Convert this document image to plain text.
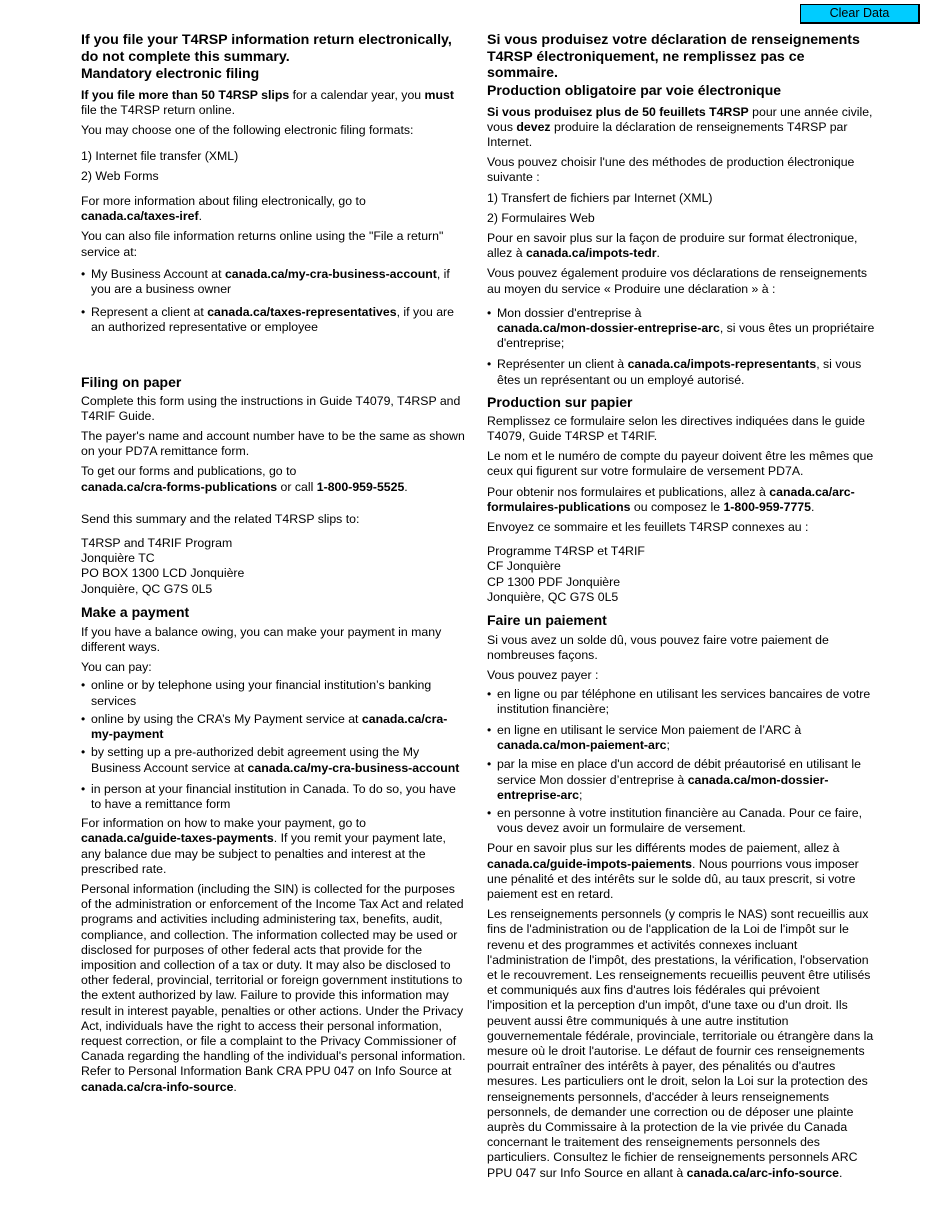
Clear Data

If you file your T4RSP information return electronically, do not complete this summary.

Mandatory electronic filing

If you file more than 50 T4RSP slips for a calendar year, you must file the T4RSP return online.

You may choose one of the following electronic filing formats:

1) Internet file transfer (XML)

2) Web Forms

For more information about filing electronically, go to
canada.ca/taxes-iref.

You can also file information returns online using the "File a return" service at:

• My Business Account at canada.ca/my-cra-business-account, if you are a business owner

• Represent a client at canada.ca/taxes-representatives, if you are an authorized representative or employee

Filing on paper

Complete this form using the instructions in Guide T4079, T4RSP and T4RIF Guide.

The payer's name and account number have to be the same as shown on your PD7A remittance form.

To get our forms and publications, go to
canada.ca/cra-forms-publications or call 1-800-959-5525.

Send this summary and the related T4RSP slips to:

T4RSP and T4RIF Program

Jonquière TC

PO BOX 1300 LCD Jonquière

Jonquière, QC G7S 0L5

Make a payment

If you have a balance owing, you can make your payment in many different ways.

You can pay:

• online or by telephone using your financial institution’s banking services

• online by using the CRA’s My Payment service at canada.ca/cra-my-payment

• by setting up a pre-authorized debit agreement using the My Business Account service at canada.ca/my-cra-business-account

• in person at your financial institution in Canada. To do so, you have to have a remittance form

For information on how to make your payment, go to canada.ca/guide-taxes-payments. If you remit your payment late, any balance due may be subject to penalties and interest at the prescribed rate.

Personal information (including the SIN) is collected for the purposes of the administration or enforcement of the Income Tax Act and related programs and activities including administering tax, benefits, audit, compliance, and collection. The information collected may be used or disclosed for purposes of other federal acts that provide for the imposition and collection of a tax or duty. It may also be disclosed to other federal, provincial, territorial or foreign government institutions to the extent authorized by law. Failure to provide this information may result in interest payable, penalties or other actions. Under the Privacy Act, individuals have the right to access their personal information, request correction, or file a complaint to the Privacy Commissioner of Canada regarding the handling of the individual's personal information. Refer to Personal Information Bank CRA PPU 047 on Info Source at canada.ca/cra-info-source.

Si vous produisez votre déclaration de renseignements T4RSP électroniquement, ne remplissez pas ce sommaire.

Production obligatoire par voie électronique

Si vous produisez plus de 50 feuillets T4RSP pour une année civile, vous devez produire la déclaration de renseignements T4RSP par Internet.

Vous pouvez choisir l'une des méthodes de production électronique suivante :

1) Transfert de fichiers par Internet (XML)

2) Formulaires Web

Pour en savoir plus sur la façon de produire sur format électronique, allez à canada.ca/impots-tedr.

Vous pouvez également produire vos déclarations de renseignements au moyen du service « Produire une déclaration » à :

• Mon dossier d'entreprise à
canada.ca/mon-dossier-entreprise-arc, si vous êtes un propriétaire d'entreprise;

• Représenter un client à canada.ca/impots-representants, si vous êtes un représentant ou un employé autorisé.

Production sur papier

Remplissez ce formulaire selon les directives indiquées dans le guide T4079, Guide T4RSP et T4RIF.

Le nom et le numéro de compte du payeur doivent être les mêmes que ceux qui figurent sur votre formulaire de versement PD7A.

Pour obtenir nos formulaires et publications, allez à canada.ca/arc-formulaires-publications ou composez le 1-800-959-7775.

Envoyez ce sommaire et les feuillets T4RSP connexes au :

Programme T4RSP et T4RIF

CF Jonquière

CP 1300 PDF Jonquière

Jonquière, QC G7S 0L5

Faire un paiement

Si vous avez un solde dû, vous pouvez faire votre paiement de nombreuses façons.

Vous pouvez payer :

• en ligne ou par téléphone en utilisant les services bancaires de votre institution financière;

• en ligne en utilisant le service Mon paiement de l’ARC à canada.ca/mon-paiement-arc;

• par la mise en place d'un accord de débit préautorisé en utilisant le service Mon dossier d’entreprise à canada.ca/mon-dossier-entreprise-arc;

• en personne à votre institution financière au Canada. Pour ce faire, vous devez avoir un formulaire de versement.

Pour en savoir plus sur les différents modes de paiement, allez à canada.ca/guide-impots-paiements. Nous pourrions vous imposer une pénalité et des intérêts sur le solde dû, au taux prescrit, si votre paiement est en retard.

Les renseignements personnels (y compris le NAS) sont recueillis aux fins de l'administration ou de l'application de la Loi de l'impôt sur le revenu et des programmes et activités connexes incluant l'administration de l'impôt, des prestations, la vérification, l'observation et le recouvrement. Les renseignements recueillis peuvent être utilisés et communiqués aux fins d'autres lois fédérales qui prévoient l'imposition et la perception d'un impôt, d'une taxe ou d'un droit. Ils peuvent aussi être communiqués à une autre institution gouvernementale fédérale, provinciale, territoriale ou étrangère dans la mesure où le droit l'autorise. Le défaut de fournir ces renseignements pourrait entraîner des intérêts à payer, des pénalités ou d'autres mesures. Les particuliers ont le droit, selon la Loi sur la protection des renseignements personnels, d'accéder à leurs renseignements personnels, de demander une correction ou de déposer une plainte auprès du Commissaire à la protection de la vie privée du Canada concernant le traitement des renseignements personnels des particuliers. Consultez le fichier de renseignements personnels ARC PPU 047 sur Info Source en allant à canada.ca/arc-info-source.
